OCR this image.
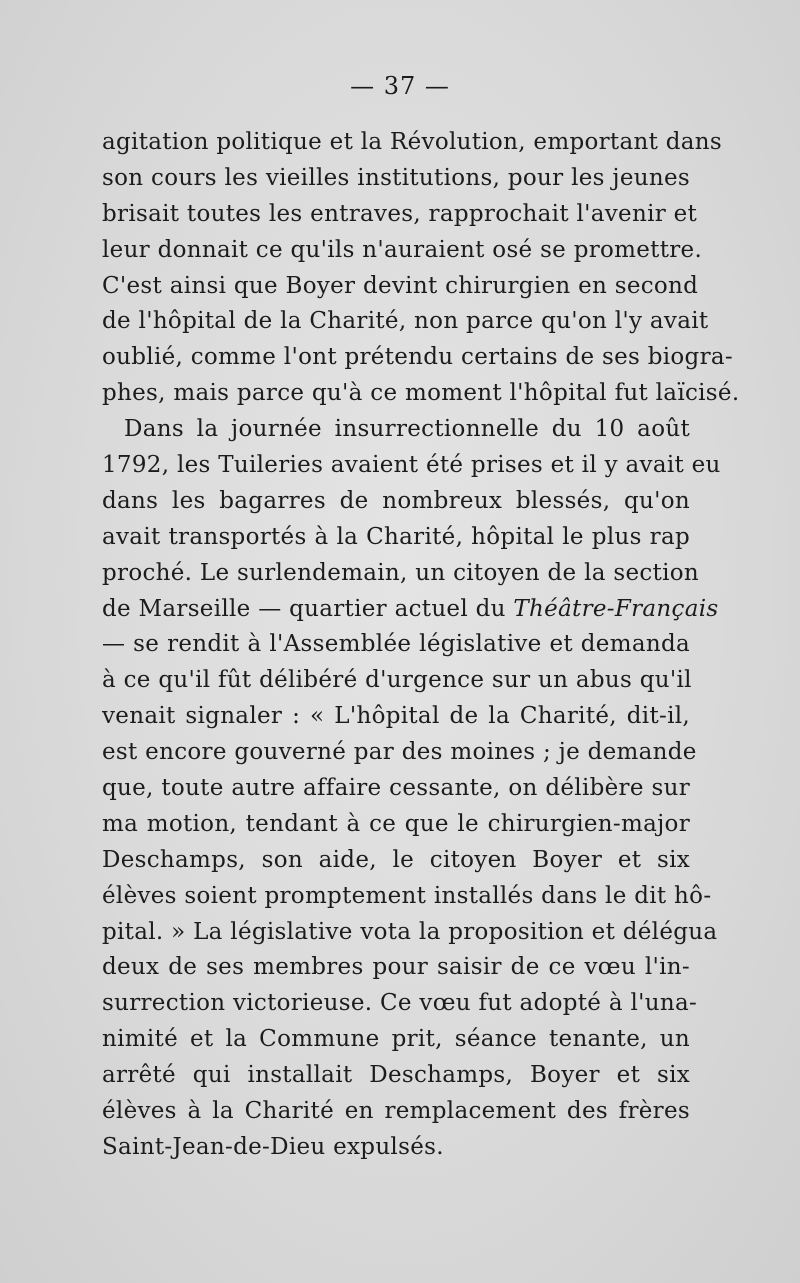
— 37 —
agitation politique et la Révolution, emportant dans
son cours les vieilles institutions, pour les jeunes
brisait toutes les entraves, rapprochait l'avenir et
leur donnait ce qu'ils n'auraient osé se promettre.
C'est ainsi que Boyer devint chirurgien en second
de l'hôpital de la Charité, non parce qu'on l'y avait
oublié, comme l'ont prétendu certains de ses biogra-
phes, mais parce qu'à ce moment l'hôpital fut laïcisé.
Dans la journée insurrectionnelle du 10 août
1792, les Tuileries avaient été prises et il y avait eu
dans les bagarres de nombreux blessés, qu'on
avait transportés à la Charité, hôpital le plus rap
proché. Le surlendemain, un citoyen de la section
de Marseille — quartier actuel du Théâtre-Français
— se rendit à l'Assemblée législative et demanda
à ce qu'il fût délibéré d'urgence sur un abus qu'il
venait signaler : « L'hôpital de la Charité, dit-il,
est encore gouverné par des moines ; je demande
que, toute autre affaire cessante, on délibère sur
ma motion, tendant à ce que le chirurgien-major
Deschamps, son aide, le citoyen Boyer et six
élèves soient promptement installés dans le dit hô-
pital. » La législative vota la proposition et délégua
deux de ses membres pour saisir de ce vœu l'in-
surrection victorieuse. Ce vœu fut adopté à l'una-
nimité et la Commune prit, séance tenante, un
arrêté qui installait Deschamps, Boyer et six
élèves à la Charité en remplacement des frères
Saint-Jean-de-Dieu expulsés.
